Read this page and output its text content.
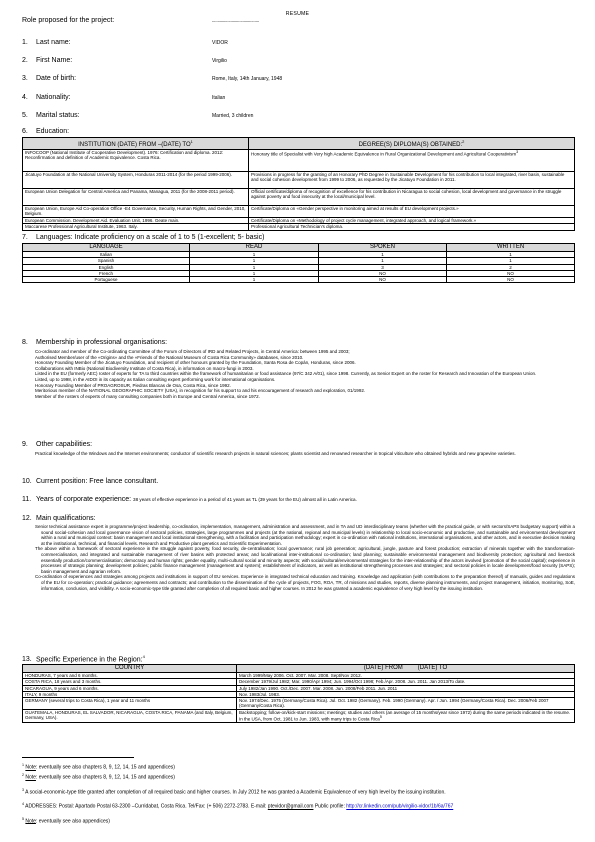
RESUME
Role proposed for the project:	...........................................
1. Last name:	VIDOR
2. First Name:	Virgilio
3. Date of birth:	Rome, Italy, 14th January, 1948
4. Nationality:	Italian
5. Marital status:	Married, 3 children
6. Education:
INSTITUTION (DATE) FROM –(DATE) $TO^1$	DEGREE(S) DIPLOMA(S) OBTAINED:$^2$
INFOCOOP (National Institute of Cooperative Development). 1976: Certification and diploma. 2012: Reconfirmation and definition of Academic Equivalence. Costa Rica.	Honorary title of Specialist with Very high Academic Equivalence in Rural Organizational Development and Agricultural Cooperativism$^3$
Jicatuyo Foundation at the National University System, Honduras 2011-2014 (for the period 1999-2006).	Provisions in progress for the granting of an Honorary PhD Degree in Sustainable Development for his contribution to local integrated, river basin, sustainable and social cohesion development from 1999 to 2006, as requested by the Jicatuyo Foundation in 2011.
European Union Delegation for Central America and Panama, Managua, 2011 (for the 2008-2011 period).	Official certificate/diploma of recognition of excellence for his contribution in Nicaragua to social cohesion, local development and governance in the struggle against poverty and food insecurity at the local/municipal level.
European Union, Europe Aid Co-operation Office -E4 Governance, Security, Human Rights, and Gender, 2010, Belgium.	Certificate/Diploma on «Gender perspective in monitoring aimed at results of EU development projects.»
European Commission. Development Aid. Evaluation Unit, 1996. Geate main.	Certificate/Diploma on «Methodology of project cycle management, integrated approach, and logical framework.»
Maccarese Professional Agricultural Institute, 1963. Italy.	Professional Agricultural Technician's diploma.
7. Languages: Indicate proficiency on a scale of 1 to 5 (1-excellent; 5- basic)
LANGUAGE	READ	SPOKEN	WRITTEN
Italian	1	1	1
Spanish	1	1	1
English	1	3	2
French	1	NO	NO
Portuguese	1	NO	NO
8. Membership in professional organisations:
Co-ordinator and member of the Co-ordinating Committee of the Forum of Directors of IRD and Related Projects, in Central America: between 1995 and 2003;
Authorised Member/user of the «Origins» and the «Friends of the National Museum of Costa Rica Community» databases, since 2010.
Honorary Founding Member of the Jicatuyo Foundation, and recipient of other honours granted by the Foundation, Santa Rosa de Copán, Honduras, since 2006.
Collaborations with INBio (National Biodiversity Institute of Costa Rica), in information on macro-fungi in 2003.
Listed in the EU (formerly AEC) roster of experts for TA to third countries within the framework of humanitarian or food assistance (97/C 342 A/01), since 1998. Currently, as Senior Expert on the roster for Research and Innovation of the European Union.
Listed, up to 1998, in the AIDOI in its capacity as Italian consulting expert performing work for international organisations.
Honorary Founding Member of PROAGROSUR, Piedras Blancas de Osa, Costa Rica, since 1992.
Meritorious member of the NATIONAL GEOGRAPHIC SOCIETY (USA), in recognition for his support to and his encouragement of research and exploration, 01/1992.
Member of the rosters of experts of many consulting companies both in Europe and Central America, since 1972.
9. Other capabilities:
Practical knowledge of the Windows and the Internet environments; conductor of scientific research projects in natural sciences; plants scientist and renowned researcher in tropical viticulture who obtained hybrids and new grapevine varieties.
10. Current position: Free lance consultant.
11. Years of corporate experience: 38 years of effective experience in a period of 41 years as TL (39 years for the EU) almost all in Latin America.
12. Main qualifications:
Senior technical assistance expert in programme/project leadership, co-ordination, implementation, management, administration and assessment, and in TA and UD interdisciplinary teams (whether with the practical guide, or with sectors/SAPS budgetary support) within a sound social-cohesion and local governance vision of sectoral policies, strategies, large programmes and projects (at the national, regional and municipal levels) in relationship to local socio-economic and productive, and sustainable and environmental development within a rural and municipal context: basin management and local institutional strengthening, with a facilitation and participation methodology; expert in co-ordination with national institutions, international organisations, and other actors, and in executive decision making at the institutional, technical, and financial levels. Research and Productive plant genetics and Scientific Experimentation.
The above within a framework of sectoral experience in the struggle against poverty, food security, de-centralisation; local governance; rural job generation; agricultural, jungle, pasture and forest production; extraction of minerals together with the transformation-commercialisation, and integrated and sustainable management of river basins with protected areas; and local/national inter-institutional co-ordination; land planning; sustainable environmental management and biodiversity protection; agricultural and livestock essentially production/commercialisation; democracy and human rights; gender equality, multi-cultural social and minority aspects; with social/cultural/environmental strategies for the inter-relationship of the actors involved (promotion of the social capital); experience in processes of strategic planning; development policies; public finance management (management and system); establishment of indicators, as well as institutional strengthening processes and strategies; and sectoral policies in locale development/food security (SAPS); basin management and agrarian reform.
Co-ordination of experiences and strategies among projects and institutions in support of EU services. Experience in integrated technical education and training. Knowledge and application (with contributions to the preparation thereof) of manuals, guides and regulations of the EU for co-operation; practical guidance; agreements and contracts; and contribution to the dissemination of the cycle of projects, FOG, ROA, TR, of missions and studies, reports, diverse planning instruments, and project management, initiation, monitoring, SoE, information, conclusion, and visibility. A socio-economic-type title granted after completion of all required basic and higher courses. In 2012 he was granted a academic equivalence of very high level by the issuing institution.
13. Specific Experience in the Region:$^4$
COUNTRY	(DATE) FROM (DATE) TO
HONDURAS, 7 years and 6 months.	March 1999/May 2006. Oct. 2007. Mar. 2008. Sept/Nov 2012.
COSTA RICA, 18 years and 3 months.	December 1979/Jul 1982; Mar. 1990/Apr 1994; Jun. 1994/Oct 1998; Feb./Apr. 2008. Jun. 2011. Jan 2013/To date.
NICARAGUA, 9 years and 6 months.	July 1982/Jan 1990. Oct./Dec. 2007. Mar. 2008. Jun. 2008/Feb 2011. Jun. 2011
ITALY, 9 months	Nov. 1983/Jul. 1983.
GERMANY (several trips to Costa Rica), 1 year and 11 months	Nov. 1974/Dec. 1975 (Germany/Costa Rica). Jul. Oct. 1982 (Germany). Feb. 1990 (Germany). Apr. / Jun. 1994 (Germany/Costa Rica). Dec. 2006/Feb 2007 (Germany/Costa Rica).
GUATEMALA, HONDURAS, EL SALVADOR, NICARAGUA, COSTA RICA, PANAMA (and Italy, Belgium, Germany, USA).	Backstopping; follow-on/kick-start missions; meetings; studies and others (an average of 15 months/year since 1972) during the same periods indicated in the resume. In the USA, from Oct. 1981 to Jun. 1983, with many trips to Costa Rica$^5$
$^1$ Note: eventually see also chapters 8, 9, 12, 14, 15 and appendices)
$^2$ Note: eventually see also chapters 8, 9, 12, 14, 15 and appendices)
$^3$ A social-economic-type title granted after completion of all required basic and higher courses. In July 2012 he was granted a Academic Equivalence of very high level by the issuing institution.
$^4$ ADDRESSES: Postal: Apartado Postal 63-2300 –Curridabat, Costa Rica. Tel/Fax: (+ 506) 2272-2783. E-mail: ptevidor@gmail.com Public profile: http://cr.linkedin.com/pub/virgilio-vidor/1b/6a/767
$^5$ Note: eventually see also appendices)
